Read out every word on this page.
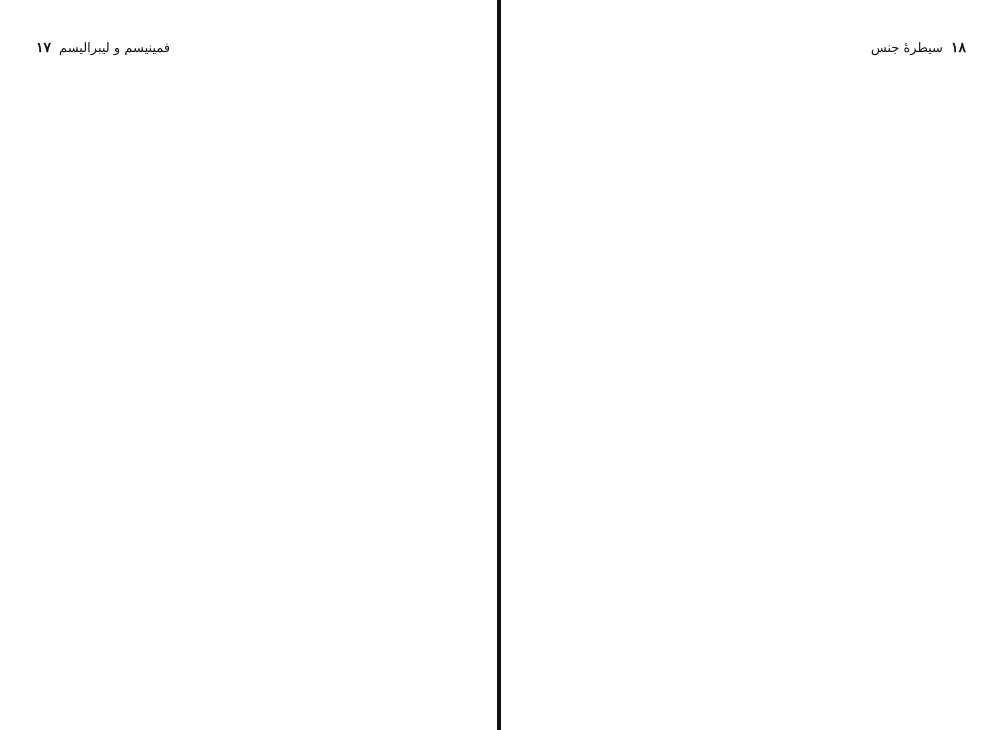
۱۷ فمینیسم و لیبرالیسم	سیطرهٔ جنس ۱۸
